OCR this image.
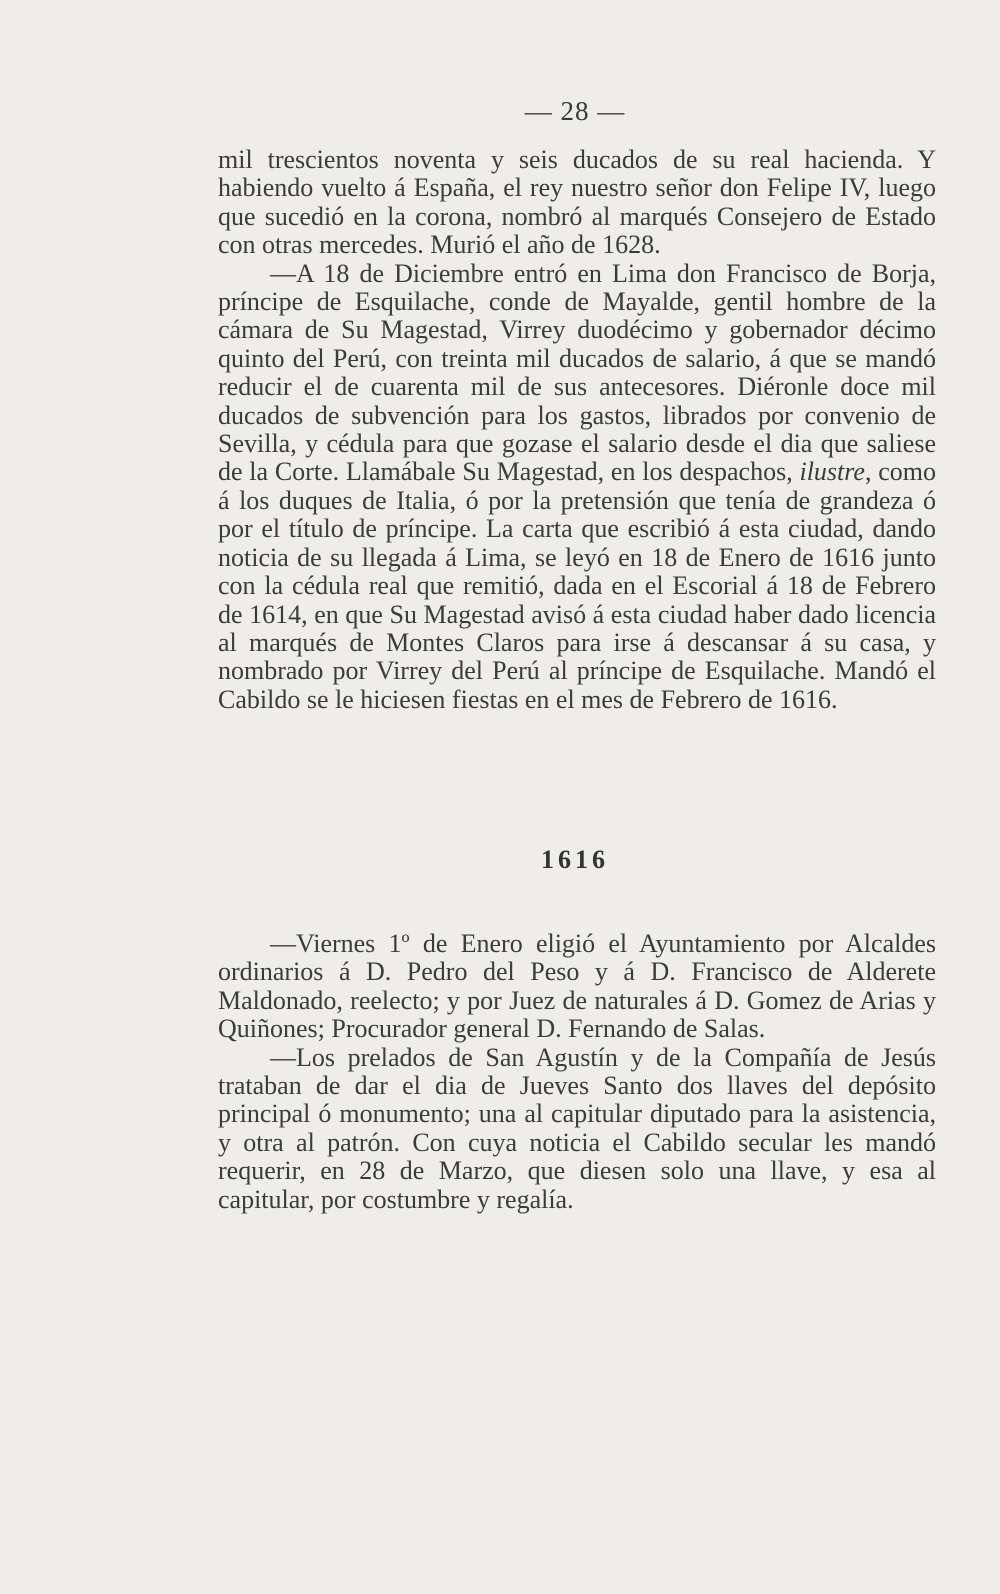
— 28 —

mil trescientos noventa y seis ducados de su real hacienda. Y habiendo vuelto á España, el rey nuestro señor don Felipe IV, luego que sucedió en la corona, nombró al marqués Consejero de Estado con otras mercedes. Murió el año de 1628.

—A 18 de Diciembre entró en Lima don Francisco de Borja, príncipe de Esquilache, conde de Mayalde, gentil hombre de la cámara de Su Magestad, Virrey duodécimo y gobernador décimo quinto del Perú, con treinta mil ducados de salario, á que se mandó reducir el de cuarenta mil de sus antecesores. Diéronle doce mil ducados de subvención para los gastos, librados por convenio de Sevilla, y cédula para que gozase el salario desde el dia que saliese de la Corte. Llamábale Su Magestad, en los despachos, ilustre, como á los duques de Italia, ó por la pretensión que tenía de grandeza ó por el título de príncipe. La carta que escribió á esta ciudad, dando noticia de su llegada á Lima, se leyó en 18 de Enero de 1616 junto con la cédula real que remitió, dada en el Escorial á 18 de Febrero de 1614, en que Su Magestad avisó á esta ciudad haber dado licencia al marqués de Montes Claros para irse á descansar á su casa, y nombrado por Virrey del Perú al príncipe de Esquilache. Mandó el Cabildo se le hiciesen fiestas en el mes de Febrero de 1616.

1616

—Viernes 1º de Enero eligió el Ayuntamiento por Alcaldes ordinarios á D. Pedro del Peso y á D. Francisco de Alderete Maldonado, reelecto; y por Juez de naturales á D. Gomez de Arias y Quiñones; Procurador general D. Fernando de Salas.

—Los prelados de San Agustín y de la Compañía de Jesús trataban de dar el dia de Jueves Santo dos llaves del depósito principal ó monumento; una al capitular diputado para la asistencia, y otra al patrón. Con cuya noticia el Cabildo secular les mandó requerir, en 28 de Marzo, que diesen solo una llave, y esa al capitular, por costumbre y regalía.
